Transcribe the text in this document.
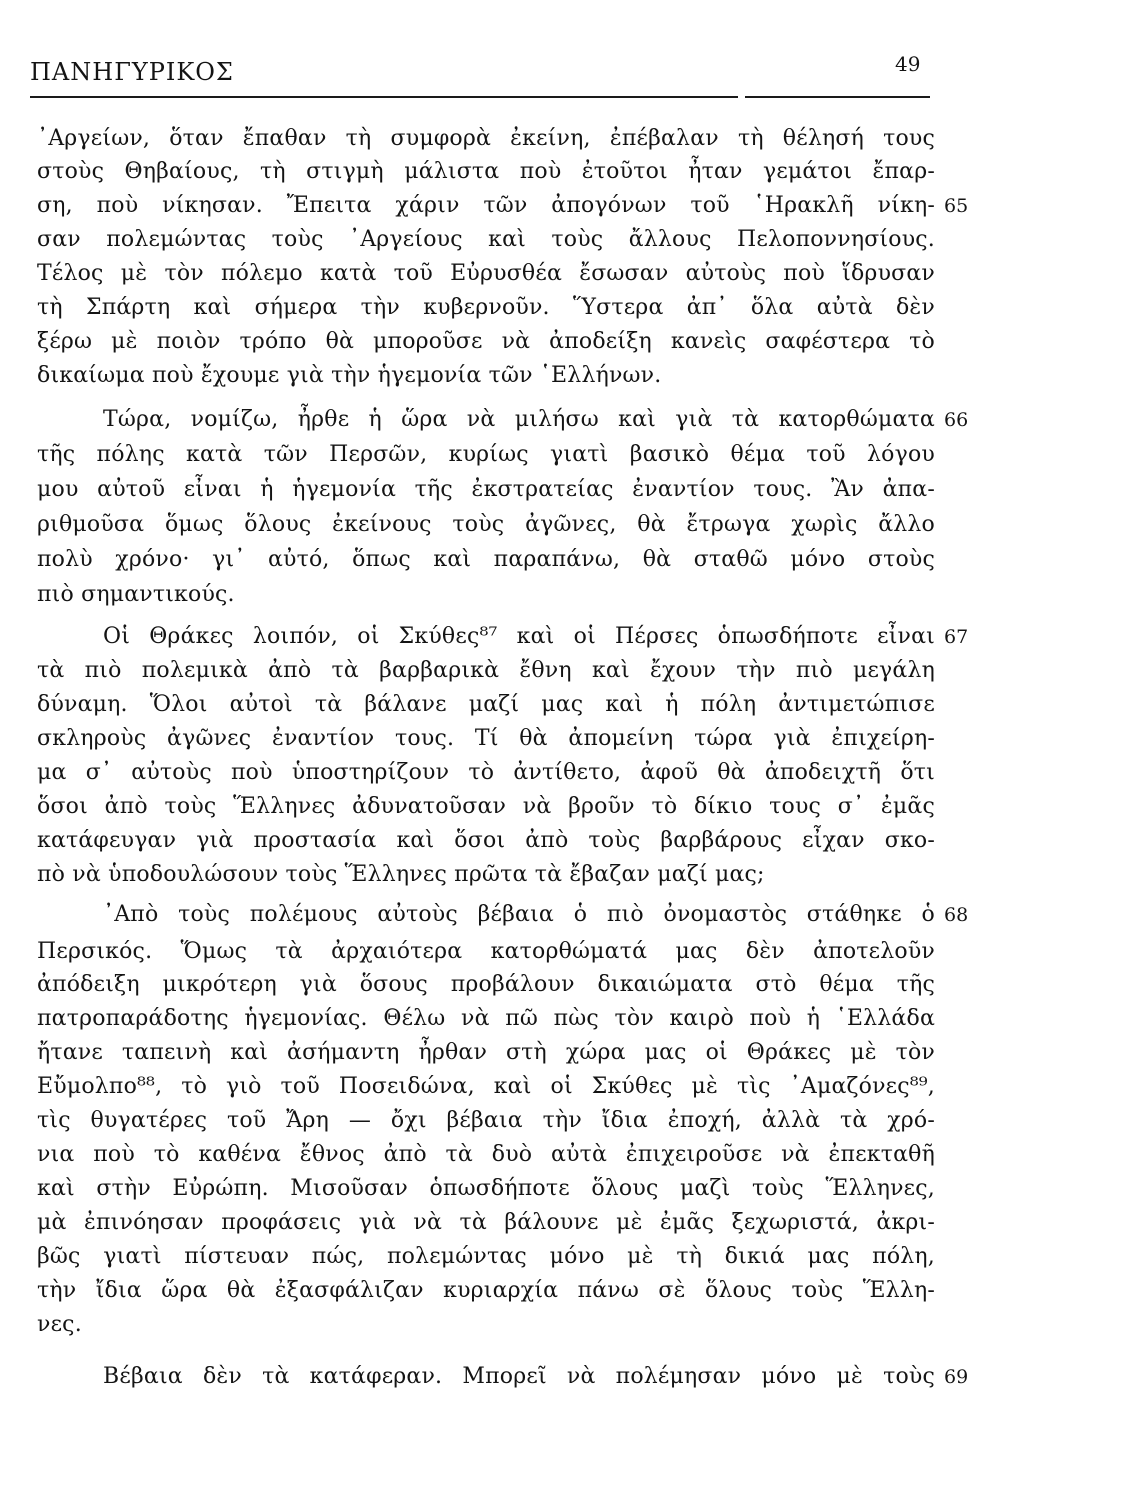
ΠΑΝΗΓΥΡΙΚΟΣ	49
᾿Αργείων, ὅταν ἔπαθαν τὴ συμφορὰ ἐκείνη, ἐπέβαλαν τὴ θέλησή τους
στοὺς Θηβαίους, τὴ στιγμὴ μάλιστα ποὺ ἐτοῦτοι ἦταν γεμάτοι ἔπαρ-
ση, ποὺ νίκησαν. Ἔπειτα χάριν τῶν ἀπογόνων τοῦ ῾Ηρακλῆ νίκη-
σαν πολεμώντας τοὺς ᾿Αργείους καὶ τοὺς ἄλλους Πελοποννησίους.
Τέλος μὲ τὸν πόλεμο κατὰ τοῦ Εὐρυσθέα ἔσωσαν αὐτοὺς ποὺ ἵδρυσαν
τὴ Σπάρτη καὶ σήμερα τὴν κυβερνοῦν. Ὕστερα ἀπ᾿ ὅλα αὐτὰ δὲν
ξέρω μὲ ποιὸν τρόπο θὰ μποροῦσε νὰ ἀποδείξη κανεὶς σαφέστερα τὸ
δικαίωμα ποὺ ἔχουμε γιὰ τὴν ἡγεμονία τῶν ῾Ελλήνων.
Τώρα, νομίζω, ἦρθε ἡ ὥρα νὰ μιλήσω καὶ γιὰ τὰ κατορθώματα
τῆς πόλης κατὰ τῶν Περσῶν, κυρίως γιατὶ βασικὸ θέμα τοῦ λόγου
μου αὐτοῦ εἶναι ἡ ἡγεμονία τῆς ἐκστρατείας ἐναντίον τους. Ἂν ἀπα-
ριθμοῦσα ὅμως ὅλους ἐκείνους τοὺς ἀγῶνες, θὰ ἔτρωγα χωρὶς ἄλλο
πολὺ χρόνο· γι᾿ αὐτό, ὅπως καὶ παραπάνω, θὰ σταθῶ μόνο στοὺς
πιὸ σημαντικούς.
Οἱ Θράκες λοιπόν, οἱ Σκύθες⁸⁷ καὶ οἱ Πέρσες ὁπωσδήποτε εἶναι
τὰ πιὸ πολεμικὰ ἀπὸ τὰ βαρβαρικὰ ἔθνη καὶ ἔχουν τὴν πιὸ μεγάλη
δύναμη. Ὅλοι αὐτοὶ τὰ βάλανε μαζί μας καὶ ἡ πόλη ἀντιμετώπισε
σκληροὺς ἀγῶνες ἐναντίον τους. Τί θὰ ἀπομείνη τώρα γιὰ ἐπιχείρη-
μα σ᾿ αὐτοὺς ποὺ ὑποστηρίζουν τὸ ἀντίθετο, ἀφοῦ θὰ ἀποδειχτῆ ὅτι
ὅσοι ἀπὸ τοὺς Ἕλληνες ἀδυνατοῦσαν νὰ βροῦν τὸ δίκιο τους σ᾿ ἐμᾶς
κατάφευγαν γιὰ προστασία καὶ ὅσοι ἀπὸ τοὺς βαρβάρους εἶχαν σκο-
πὸ νὰ ὑποδουλώσουν τοὺς Ἕλληνες πρῶτα τὰ ἔβαζαν μαζί μας;
᾿Απὸ τοὺς πολέμους αὐτοὺς βέβαια ὁ πιὸ ὀνομαστὸς στάθηκε ὁ
Περσικός. Ὅμως τὰ ἀρχαιότερα κατορθώματά μας δὲν ἀποτελοῦν
ἀπόδειξη μικρότερη γιὰ ὅσους προβάλουν δικαιώματα στὸ θέμα τῆς
πατροπαράδοτης ἡγεμονίας. Θέλω νὰ πῶ πὼς τὸν καιρὸ ποὺ ἡ ῾Ελλάδα
ἤτανε ταπεινὴ καὶ ἀσήμαντη ἦρθαν στὴ χώρα μας οἱ Θράκες μὲ τὸν
Εὔμολπο⁸⁸, τὸ γιὸ τοῦ Ποσειδώνα, καὶ οἱ Σκύθες μὲ τὶς ᾿Αμαζόνες⁸⁹,
τὶς θυγατέρες τοῦ Ἄρη — ὄχι βέβαια τὴν ἴδια ἐποχή, ἀλλὰ τὰ χρό-
νια ποὺ τὸ καθένα ἔθνος ἀπὸ τὰ δυὸ αὐτὰ ἐπιχειροῦσε νὰ ἐπεκταθῆ
καὶ στὴν Εὐρώπη. Μισοῦσαν ὁπωσδήποτε ὅλους μαζὶ τοὺς Ἕλληνες,
μὰ ἐπινόησαν προφάσεις γιὰ νὰ τὰ βάλουνε μὲ ἐμᾶς ξεχωριστά, ἀκρι-
βῶς γιατὶ πίστευαν πώς, πολεμώντας μόνο μὲ τὴ δικιά μας πόλη,
τὴν ἴδια ὥρα θὰ ἐξασφάλιζαν κυριαρχία πάνω σὲ ὅλους τοὺς Ἕλλη-
νες.
Βέβαια δὲν τὰ κατάφεραν. Μπορεῖ νὰ πολέμησαν μόνο μὲ τοὺς
65
66
67
68
69
